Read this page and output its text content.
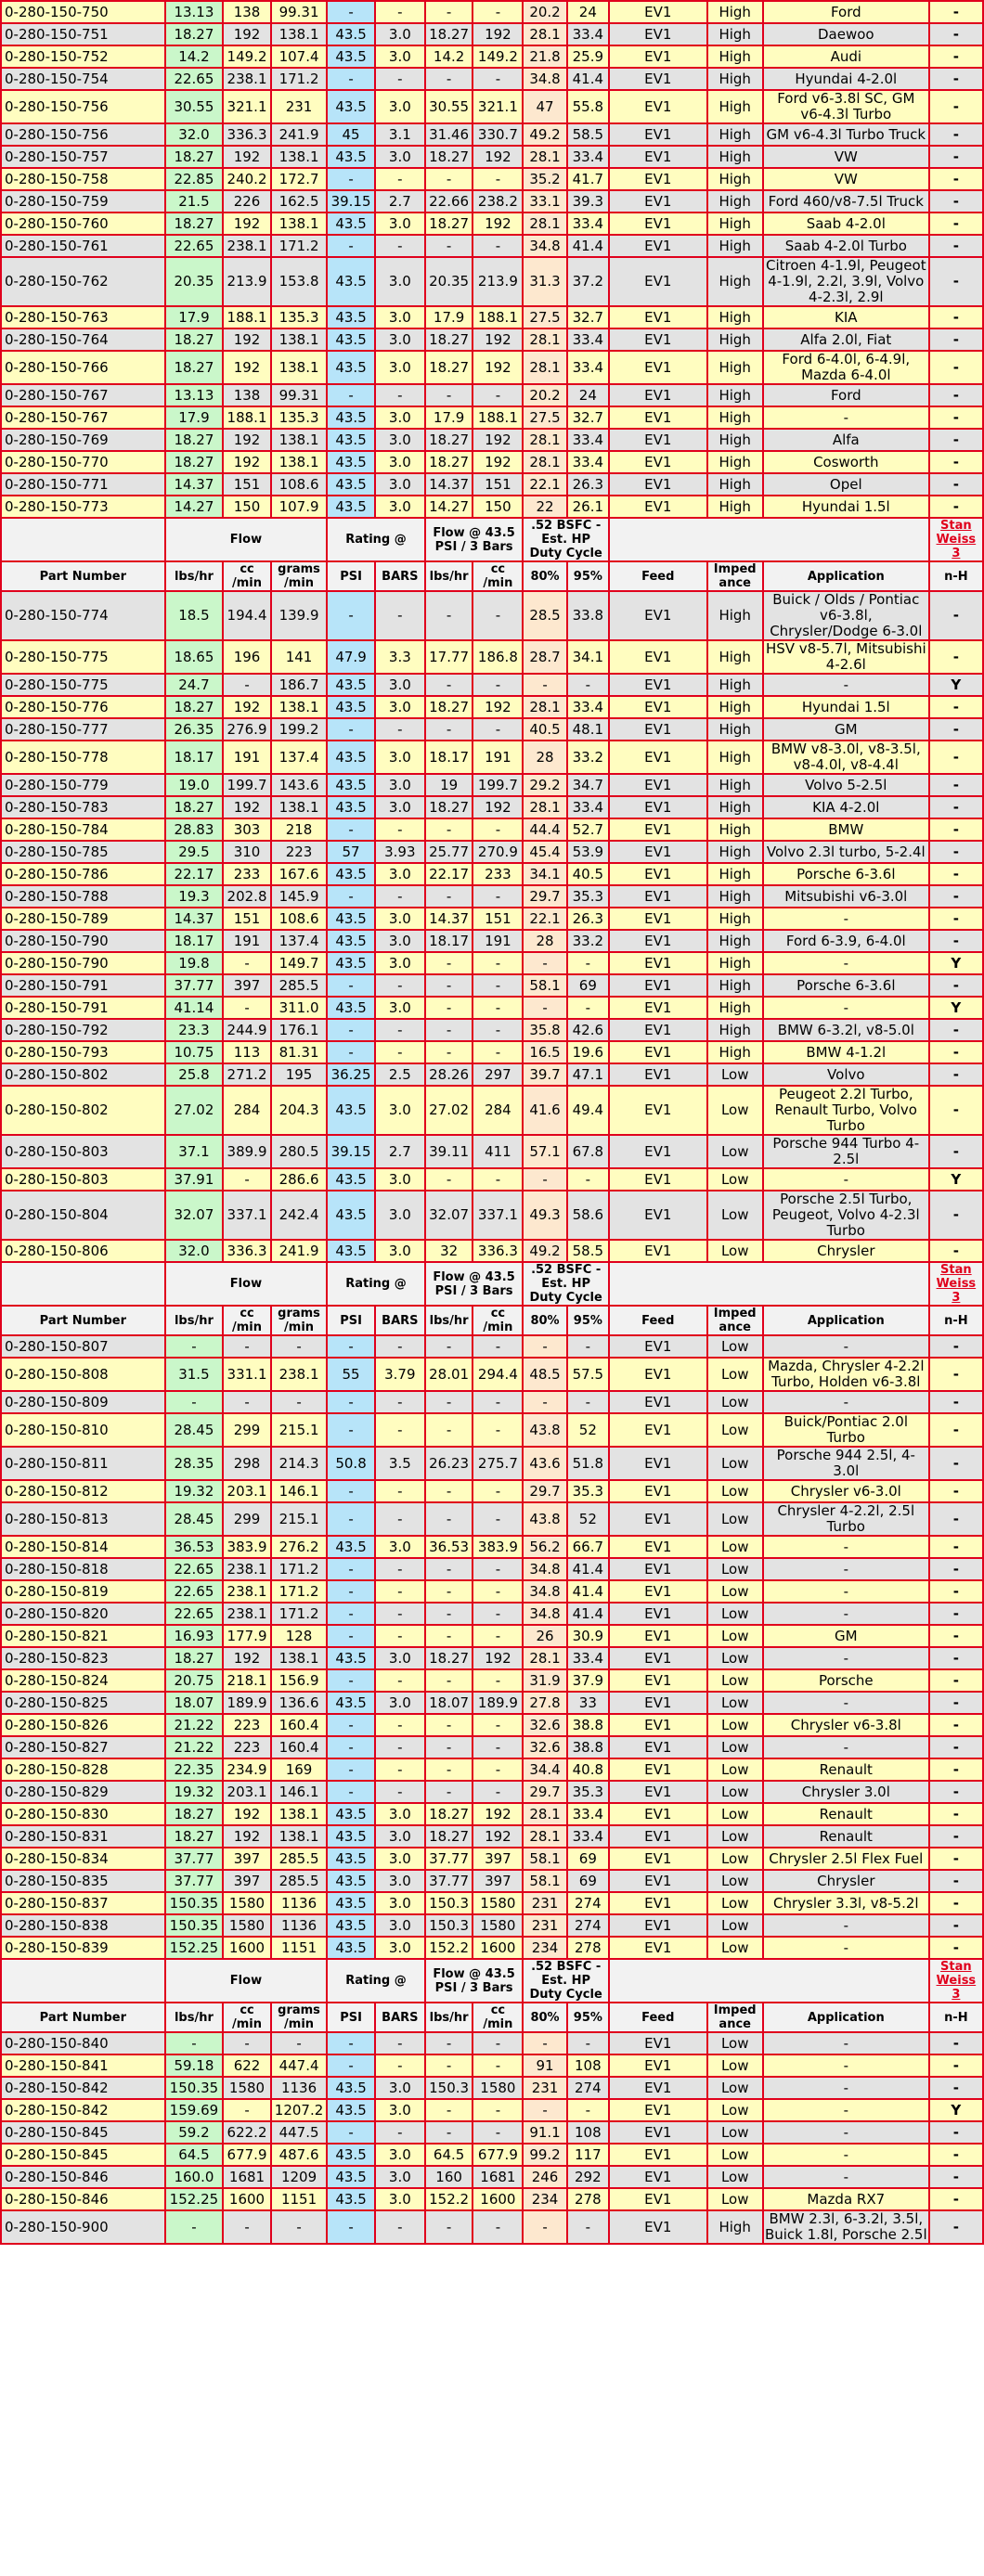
0-280-150-750	13.13	138	99.31	-	-	-	-	20.2	24	EV1	High	Ford	-
0-280-150-751	18.27	192	138.1	43.5	3.0	18.27	192	28.1	33.4	EV1	High	Daewoo	-
0-280-150-752	14.2	149.2	107.4	43.5	3.0	14.2	149.2	21.8	25.9	EV1	High	Audi	-
0-280-150-754	22.65	238.1	171.2	-	-	-	-	34.8	41.4	EV1	High	Hyundai 4-2.0l	-
0-280-150-756	30.55	321.1	231	43.5	3.0	30.55	321.1	47	55.8	EV1	High	Ford v6-3.8l SC, GM v6-4.3l Turbo	-
0-280-150-756	32.0	336.3	241.9	45	3.1	31.46	330.7	49.2	58.5	EV1	High	GM v6-4.3l Turbo Truck	-
0-280-150-757	18.27	192	138.1	43.5	3.0	18.27	192	28.1	33.4	EV1	High	VW	-
0-280-150-758	22.85	240.2	172.7	-	-	-	-	35.2	41.7	EV1	High	VW	-
0-280-150-759	21.5	226	162.5	39.15	2.7	22.66	238.2	33.1	39.3	EV1	High	Ford 460/v8-7.5l Truck	-
0-280-150-760	18.27	192	138.1	43.5	3.0	18.27	192	28.1	33.4	EV1	High	Saab 4-2.0l	-
0-280-150-761	22.65	238.1	171.2	-	-	-	-	34.8	41.4	EV1	High	Saab 4-2.0l Turbo	-
0-280-150-762	20.35	213.9	153.8	43.5	3.0	20.35	213.9	31.3	37.2	EV1	High	Citroen 4-1.9l, Peugeot 4-1.9l, 2.2l, 3.9l, Volvo 4-2.3l, 2.9l	-
0-280-150-763	17.9	188.1	135.3	43.5	3.0	17.9	188.1	27.5	32.7	EV1	High	KIA	-
0-280-150-764	18.27	192	138.1	43.5	3.0	18.27	192	28.1	33.4	EV1	High	Alfa 2.0l, Fiat	-
0-280-150-766	18.27	192	138.1	43.5	3.0	18.27	192	28.1	33.4	EV1	High	Ford 6-4.0l, 6-4.9l, Mazda 6-4.0l	-
0-280-150-767	13.13	138	99.31	-	-	-	-	20.2	24	EV1	High	Ford	-
0-280-150-767	17.9	188.1	135.3	43.5	3.0	17.9	188.1	27.5	32.7	EV1	High	-	-
0-280-150-769	18.27	192	138.1	43.5	3.0	18.27	192	28.1	33.4	EV1	High	Alfa	-
0-280-150-770	18.27	192	138.1	43.5	3.0	18.27	192	28.1	33.4	EV1	High	Cosworth	-
0-280-150-771	14.37	151	108.6	43.5	3.0	14.37	151	22.1	26.3	EV1	High	Opel	-
0-280-150-773	14.27	150	107.9	43.5	3.0	14.27	150	22	26.1	EV1	High	Hyundai 1.5l	-
	Flow			Rating @		Flow @ 43.5 PSI / 3 Bars		.52 BSFC - Est. HP Duty Cycle					Stan Weiss 3
Part Number	lbs/hr	cc /min	grams /min	PSI	BARS	lbs/hr	cc /min	80%	95%	Feed	Imped ance	Application	n-H
0-280-150-774	18.5	194.4	139.9	-	-	-	-	28.5	33.8	EV1	High	Buick / Olds / Pontiac v6-3.8l, Chrysler/Dodge 6-3.0l	-
0-280-150-775	18.65	196	141	47.9	3.3	17.77	186.8	28.7	34.1	EV1	High	HSV v8-5.7l, Mitsubishi 4-2.6l	-
0-280-150-775	24.7	-	186.7	43.5	3.0	-	-	-	-	EV1	High	-	Y
0-280-150-776	18.27	192	138.1	43.5	3.0	18.27	192	28.1	33.4	EV1	High	Hyundai 1.5l	-
0-280-150-777	26.35	276.9	199.2	-	-	-	-	40.5	48.1	EV1	High	GM	-
0-280-150-778	18.17	191	137.4	43.5	3.0	18.17	191	28	33.2	EV1	High	BMW v8-3.0l, v8-3.5l, v8-4.0l, v8-4.4l	-
0-280-150-779	19.0	199.7	143.6	43.5	3.0	19	199.7	29.2	34.7	EV1	High	Volvo 5-2.5l	-
0-280-150-783	18.27	192	138.1	43.5	3.0	18.27	192	28.1	33.4	EV1	High	KIA 4-2.0l	-
0-280-150-784	28.83	303	218	-	-	-	-	44.4	52.7	EV1	High	BMW	-
0-280-150-785	29.5	310	223	57	3.93	25.77	270.9	45.4	53.9	EV1	High	Volvo 2.3l turbo, 5-2.4l	-
0-280-150-786	22.17	233	167.6	43.5	3.0	22.17	233	34.1	40.5	EV1	High	Porsche 6-3.6l	-
0-280-150-788	19.3	202.8	145.9	-	-	-	-	29.7	35.3	EV1	High	Mitsubishi v6-3.0l	-
0-280-150-789	14.37	151	108.6	43.5	3.0	14.37	151	22.1	26.3	EV1	High	-	-
0-280-150-790	18.17	191	137.4	43.5	3.0	18.17	191	28	33.2	EV1	High	Ford 6-3.9, 6-4.0l	-
0-280-150-790	19.8	-	149.7	43.5	3.0	-	-	-	-	EV1	High	-	Y
0-280-150-791	37.77	397	285.5	-	-	-	-	58.1	69	EV1	High	Porsche 6-3.6l	-
0-280-150-791	41.14	-	311.0	43.5	3.0	-	-	-	-	EV1	High	-	Y
0-280-150-792	23.3	244.9	176.1	-	-	-	-	35.8	42.6	EV1	High	BMW 6-3.2l, v8-5.0l	-
0-280-150-793	10.75	113	81.31	-	-	-	-	16.5	19.6	EV1	High	BMW 4-1.2l	-
0-280-150-802	25.8	271.2	195	36.25	2.5	28.26	297	39.7	47.1	EV1	Low	Volvo	-
0-280-150-802	27.02	284	204.3	43.5	3.0	27.02	284	41.6	49.4	EV1	Low	Peugeot 2.2l Turbo, Renault Turbo, Volvo Turbo	-
0-280-150-803	37.1	389.9	280.5	39.15	2.7	39.11	411	57.1	67.8	EV1	Low	Porsche 944 Turbo 4-2.5l	-
0-280-150-803	37.91	-	286.6	43.5	3.0	-	-	-	-	EV1	Low	-	Y
0-280-150-804	32.07	337.1	242.4	43.5	3.0	32.07	337.1	49.3	58.6	EV1	Low	Porsche 2.5l Turbo, Peugeot, Volvo 4-2.3l Turbo	-
0-280-150-806	32.0	336.3	241.9	43.5	3.0	32	336.3	49.2	58.5	EV1	Low	Chrysler	-
	Flow			Rating @		Flow @ 43.5 PSI / 3 Bars		.52 BSFC - Est. HP Duty Cycle					Stan Weiss 3
Part Number	lbs/hr	cc /min	grams /min	PSI	BARS	lbs/hr	cc /min	80%	95%	Feed	Imped ance	Application	n-H
0-280-150-807	-	-	-	-	-	-	-	-	-	EV1	Low	-	-
0-280-150-808	31.5	331.1	238.1	55	3.79	28.01	294.4	48.5	57.5	EV1	Low	Mazda, Chrysler 4-2.2l Turbo, Holden v6-3.8l	-
0-280-150-809	-	-	-	-	-	-	-	-	-	EV1	Low	-	-
0-280-150-810	28.45	299	215.1	-	-	-	-	43.8	52	EV1	Low	Buick/Pontiac 2.0l Turbo	-
0-280-150-811	28.35	298	214.3	50.8	3.5	26.23	275.7	43.6	51.8	EV1	Low	Porsche 944 2.5l, 4-3.0l	-
0-280-150-812	19.32	203.1	146.1	-	-	-	-	29.7	35.3	EV1	Low	Chrysler v6-3.0l	-
0-280-150-813	28.45	299	215.1	-	-	-	-	43.8	52	EV1	Low	Chrysler 4-2.2l, 2.5l Turbo	-
0-280-150-814	36.53	383.9	276.2	43.5	3.0	36.53	383.9	56.2	66.7	EV1	Low	-	-
0-280-150-818	22.65	238.1	171.2	-	-	-	-	34.8	41.4	EV1	Low	-	-
0-280-150-819	22.65	238.1	171.2	-	-	-	-	34.8	41.4	EV1	Low	-	-
0-280-150-820	22.65	238.1	171.2	-	-	-	-	34.8	41.4	EV1	Low	-	-
0-280-150-821	16.93	177.9	128	-	-	-	-	26	30.9	EV1	Low	GM	-
0-280-150-823	18.27	192	138.1	43.5	3.0	18.27	192	28.1	33.4	EV1	Low	-	-
0-280-150-824	20.75	218.1	156.9	-	-	-	-	31.9	37.9	EV1	Low	Porsche	-
0-280-150-825	18.07	189.9	136.6	43.5	3.0	18.07	189.9	27.8	33	EV1	Low	-	-
0-280-150-826	21.22	223	160.4	-	-	-	-	32.6	38.8	EV1	Low	Chrysler v6-3.8l	-
0-280-150-827	21.22	223	160.4	-	-	-	-	32.6	38.8	EV1	Low	-	-
0-280-150-828	22.35	234.9	169	-	-	-	-	34.4	40.8	EV1	Low	Renault	-
0-280-150-829	19.32	203.1	146.1	-	-	-	-	29.7	35.3	EV1	Low	Chrysler 3.0l	-
0-280-150-830	18.27	192	138.1	43.5	3.0	18.27	192	28.1	33.4	EV1	Low	Renault	-
0-280-150-831	18.27	192	138.1	43.5	3.0	18.27	192	28.1	33.4	EV1	Low	Renault	-
0-280-150-834	37.77	397	285.5	43.5	3.0	37.77	397	58.1	69	EV1	Low	Chrysler 2.5l Flex Fuel	-
0-280-150-835	37.77	397	285.5	43.5	3.0	37.77	397	58.1	69	EV1	Low	Chrysler	-
0-280-150-837	150.35	1580	1136	43.5	3.0	150.3	1580	231	274	EV1	Low	Chrysler 3.3l, v8-5.2l	-
0-280-150-838	150.35	1580	1136	43.5	3.0	150.3	1580	231	274	EV1	Low	-	-
0-280-150-839	152.25	1600	1151	43.5	3.0	152.2	1600	234	278	EV1	Low	-	-
	Flow			Rating @		Flow @ 43.5 PSI / 3 Bars		.52 BSFC - Est. HP Duty Cycle					Stan Weiss 3
Part Number	lbs/hr	cc /min	grams /min	PSI	BARS	lbs/hr	cc /min	80%	95%	Feed	Imped ance	Application	n-H
0-280-150-840	-	-	-	-	-	-	-	-	-	EV1	Low	-	-
0-280-150-841	59.18	622	447.4	-	-	-	-	91	108	EV1	Low	-	-
0-280-150-842	150.35	1580	1136	43.5	3.0	150.3	1580	231	274	EV1	Low	-	-
0-280-150-842	159.69	-	1207.2	43.5	3.0	-	-	-	-	EV1	Low	-	Y
0-280-150-845	59.2	622.2	447.5	-	-	-	-	91.1	108	EV1	Low	-	-
0-280-150-845	64.5	677.9	487.6	43.5	3.0	64.5	677.9	99.2	117	EV1	Low	-	-
0-280-150-846	160.0	1681	1209	43.5	3.0	160	1681	246	292	EV1	Low	-	-
0-280-150-846	152.25	1600	1151	43.5	3.0	152.2	1600	234	278	EV1	Low	Mazda RX7	-
0-280-150-900	-	-	-	-	-	-	-	-	-	EV1	High	BMW 2.3l, 6-3.2l, 3.5l, Buick 1.8l, Porsche 2.5l	-
